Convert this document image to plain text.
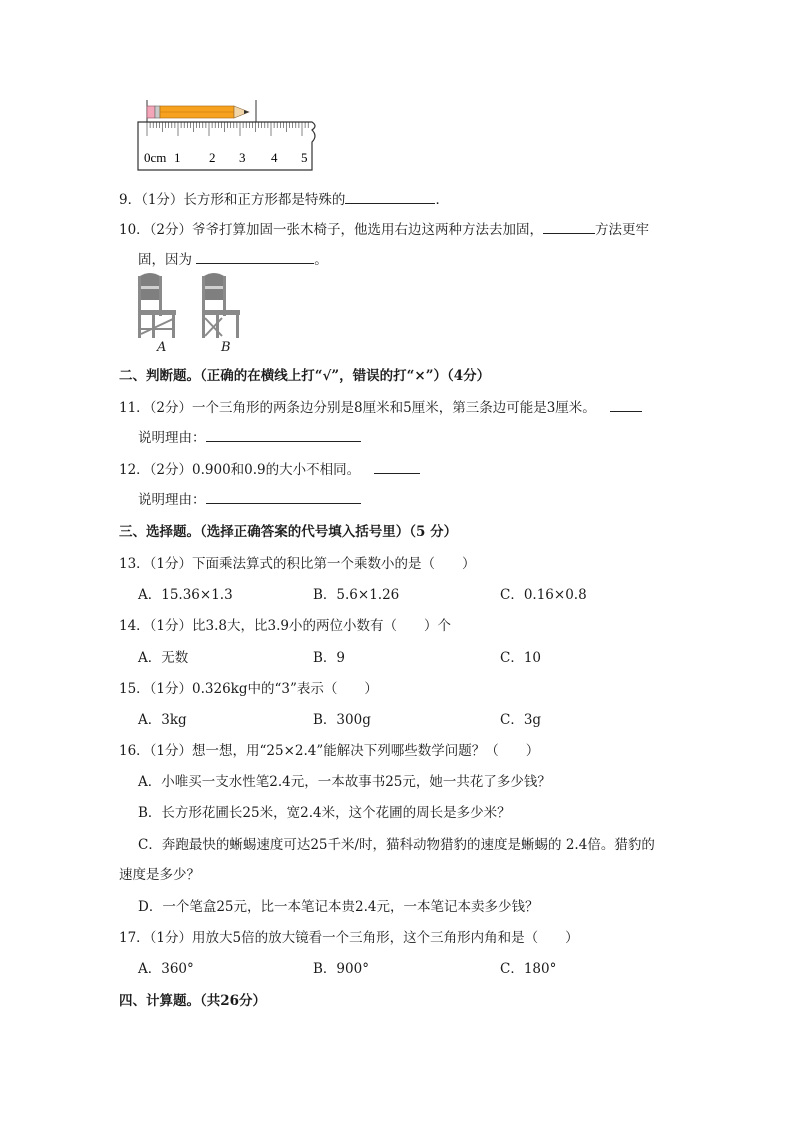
0cm 1 2 3 4 5
9．（1分）长方形和正方形都是特殊的	．
10．（2分）爷爷打算加固一张木椅子，他选用右边这两种方法去加固，	方法更牢
固，因为	。
A	B
二、判断题。（正确的在横线上打“√”，错误的打“×”）（4分）
11．（2分）一个三角形的两条边分别是8厘米和5厘米，第三条边可能是3厘米。
说明理由：
12．（2分）0.900和0.9的大小不相同。
说明理由：
三、选择题。（选择正确答案的代号填入括号里）（5 分）
13．（1分）下面乘法算式的积比第一个乘数小的是（　　）
A．15.36×1.3	B．5.6×1.26	C．0.16×0.8
14．（1分）比3.8大，比3.9小的两位小数有（　　）个
A．无数	B．9	C．10
15．（1分）0.326kg中的“3”表示（　　）
A．3kg	B．300g	C．3g
16．（1分）想一想，用“25×2.4”能解决下列哪些数学问题？（　　）
A．小唯买一支水性笔2.4元，一本故事书25元，她一共花了多少钱？
B．长方形花圃长25米，宽2.4米，这个花圃的周长是多少米？
C．奔跑最快的蜥蜴速度可达25千米/时，猫科动物猎豹的速度是蜥蜴的 2.4倍。猎豹的
速度是多少？
D．一个笔盒25元，比一本笔记本贵2.4元，一本笔记本卖多少钱？
17．（1分）用放大5倍的放大镜看一个三角形，这个三角形内角和是（　　）
A．360°	B．900°	C．180°
四、计算题。（共26分）
